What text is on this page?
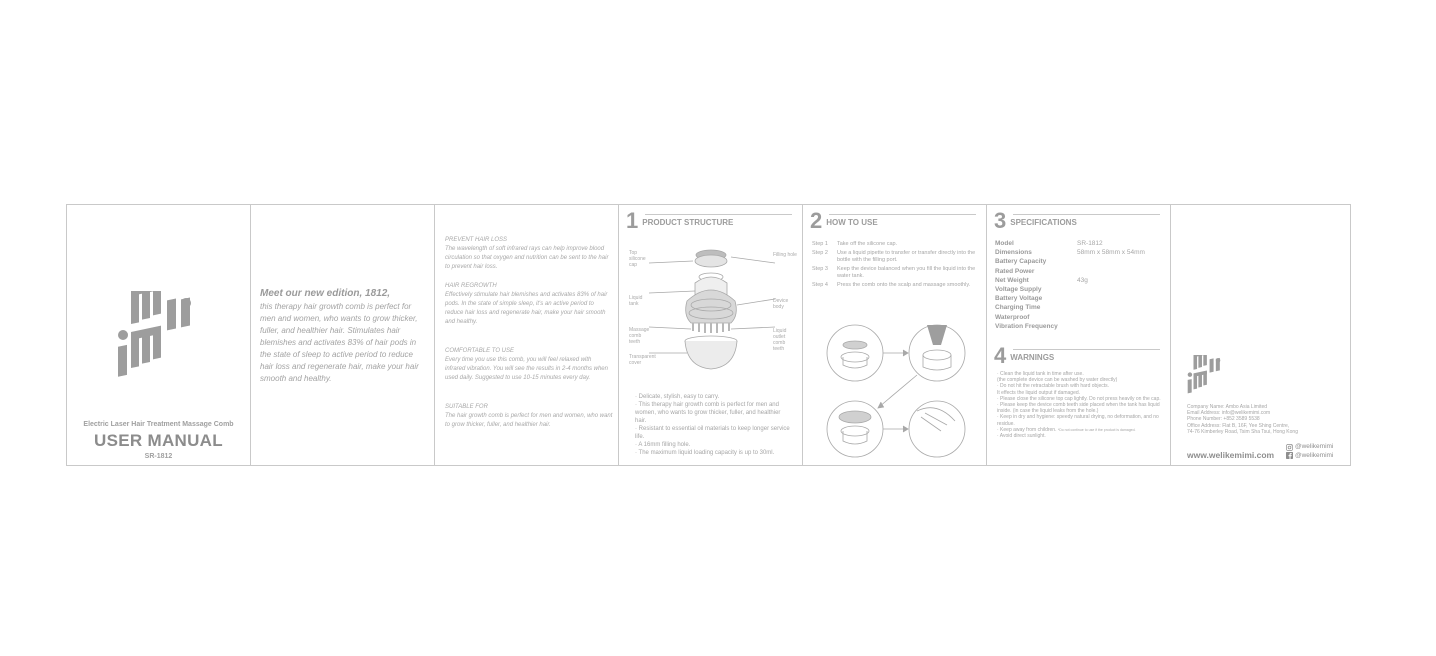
Electric Laser Hair Treatment Massage Comb
USER MANUAL
SR-1812
Meet our new edition, 1812,

this therapy hair growth comb is perfect for men and women, who wants to grow thicker, fuller, and healthier hair. Stimulates hair blemishes and activates 83% of hair pods in the state of sleep to active period to reduce hair loss and regenerate hair, make your hair smooth and healthy.

PREVENT HAIR LOSS
The wavelength of soft infrared rays can help improve blood circulation so that oxygen and nutrition can be sent to the hair to prevent hair loss.
HAIR REGROWTH
Effectively stimulate hair blemishes and activates 83% of hair pods. In the state of simple sleep, it's an active period to reduce hair loss and regenerate hair, make your hair smooth and healthy.
COMFORTABLE TO USE
Every time you use this comb, you will feel relaxed with infrared vibration. You will see the results in 2-4 months when used daily. Suggested to use 10-15 minutes every day.
SUITABLE FOR
The hair growth comb is perfect for men and women, who want to grow thicker, fuller, and healthier hair.
1 PRODUCT STRUCTURE
Top silicone cap
Filling hole
Liquid tank	Device body
Massage comb teeth
Liquid outlet comb teeth
Transparent cover
· Delicate, stylish, easy to carry.
· This therapy hair growth comb is perfect for men and women, who wants to grow thicker, fuller, and healthier hair.
· Resistant to essential oil materials to keep longer service life.
· A 16mm filling hole.
· The maximum liquid loading capacity is up to 30ml.
2 HOW TO USE
Step 1	Take off the silicone cap.
Step 2	Use a liquid pipette to transfer or transfer directly into the bottle with the filling port.
Step 3	Keep the device balanced when you fill the liquid into the water tank.
Step 4	Press the comb onto the scalp and massage smoothly.
3 SPECIFICATIONS
Model	SR-1812
Dimensions	58mm x 58mm x 54mm
Battery Capacity
Rated Power
Net Weight	43g
Voltage Supply
Battery Voltage
Charging Time
Waterproof
Vibration Frequency
4 WARNINGS
· Clean the liquid tank in time after use.
(the complete device can be washed by water directly)
· Do not hit the retractable brush with hard objects.
It effects the liquid output if damaged.
· Please close the silicone top cap lightly. Do not press heavily on the cap.
· Please keep the device comb teeth side placed when the tank has liquid inside. (in case the liquid leaks from the hole.)
· Keep in dry and hygiene: speedy natural drying, no deformation, and no residue.
· Keep away from children. *Do not continue to use if the product is damaged.
· Avoid direct sunlight.
Company Name: Ambo Asia Limited
Email Address: info@welikemimi.com
Phone Number: +852 3589 5538
Office Address: Flat B, 16F, Yee Shing Centre,
74-76 Kimberley Road, Tsim Sha Tsui, Hong Kong
www.welikemimi.com
@welikemimi
@welikemimi
